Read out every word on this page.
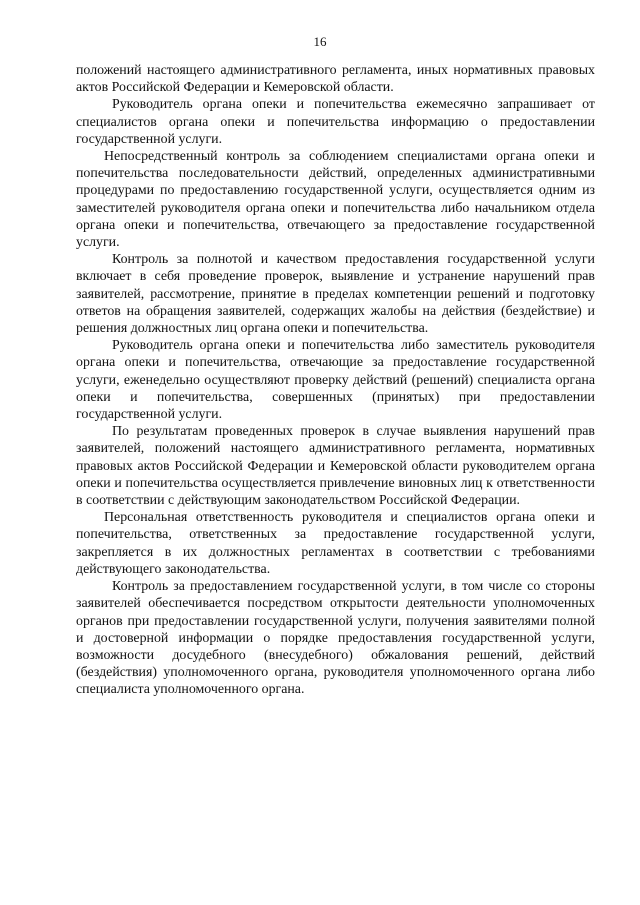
16

положений настоящего административного регламента, иных нормативных правовых актов Российской Федерации и Кемеровской области.

Руководитель органа опеки и попечительства ежемесячно запрашивает от специалистов органа опеки и попечительства информацию о предоставлении государственной услуги.

Непосредственный контроль за соблюдением специалистами органа опеки и попечительства последовательности действий, определенных административными процедурами по предоставлению государственной услуги, осуществляется одним из заместителей руководителя органа опеки и попечительства либо начальником отдела органа опеки и попечительства, отвечающего за предоставление государственной услуги.

Контроль за полнотой и качеством предоставления государственной услуги включает в себя проведение проверок, выявление и устранение нарушений прав заявителей, рассмотрение, принятие в пределах компетенции решений и подготовку ответов на обращения заявителей, содержащих жалобы на действия (бездействие) и решения должностных лиц органа опеки и попечительства.

Руководитель органа опеки и попечительства либо заместитель руководителя органа опеки и попечительства, отвечающие за предоставление государственной услуги, еженедельно осуществляют проверку действий (решений) специалиста органа опеки и попечительства, совершенных (принятых) при предоставлении государственной услуги.

По результатам проведенных проверок в случае выявления нарушений прав заявителей, положений настоящего административного регламента, нормативных правовых актов Российской Федерации и Кемеровской области руководителем органа опеки и попечительства осуществляется привлечение виновных лиц к ответственности в соответствии с действующим законодательством Российской Федерации.

Персональная ответственность руководителя и специалистов органа опеки и попечительства, ответственных за предоставление государственной услуги, закрепляется в их должностных регламентах в соответствии с требованиями действующего законодательства.

Контроль за предоставлением государственной услуги, в том числе со стороны заявителей обеспечивается посредством открытости деятельности уполномоченных органов при предоставлении государственной услуги, получения заявителями полной и достоверной информации о порядке предоставления государственной услуги, возможности досудебного (внесудебного) обжалования решений, действий (бездействия) уполномоченного органа, руководителя уполномоченного органа либо специалиста уполномоченного органа.
